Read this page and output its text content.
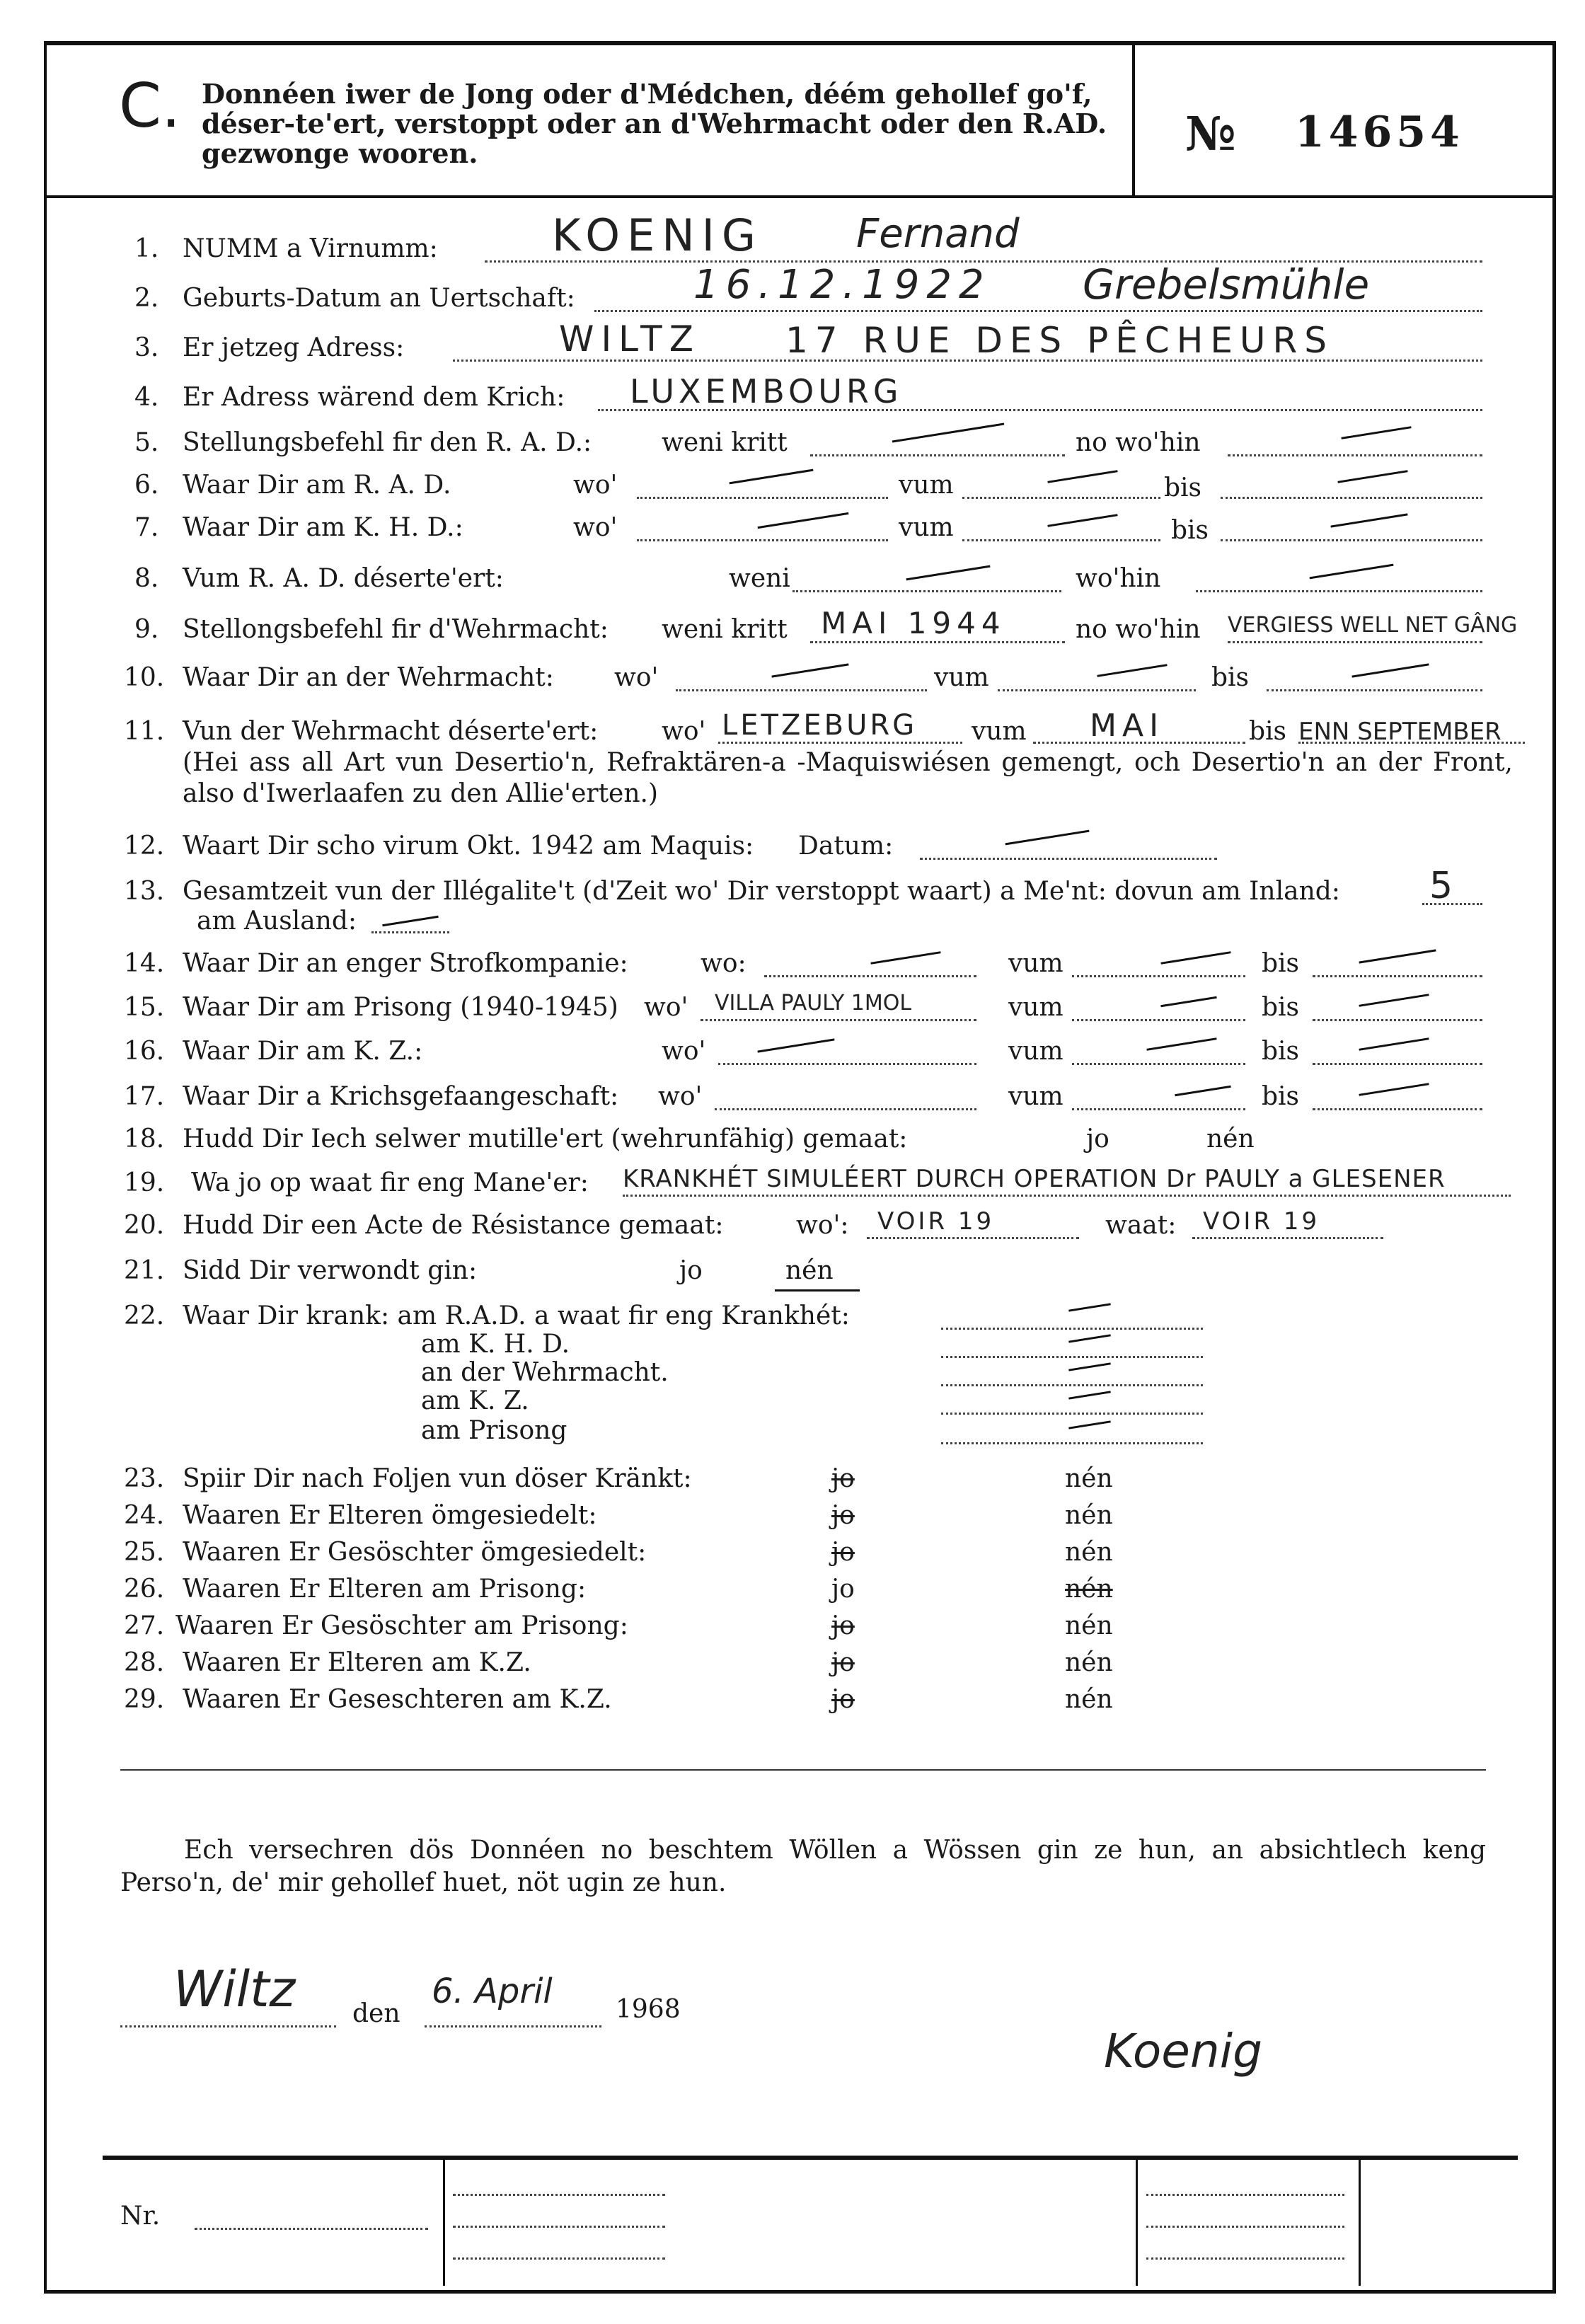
C. Donnéen iwer de Jong oder d'Médchen, déém gehollef go'f, déser-te'ert, verstoppt oder an d'Wehrmacht oder den R.AD. gezwonge wooren.	№ 14654
1. NUMM a Virnumm:	KOENIG Fernand
2. Geburts-Datum an Uertschaft:	16.12.1922 Grebelsmühle
3. Er jetzeg Adress:	WILTZ 17 RUE DES PÊCHEURS
4. Er Adress wärend dem Krich: LUXEMBOURG
5. Stellungsbefehl fir den R. A. D.:	weni kritt	no wo'hin
6. Waar Dir am R. A. D.	wo'	vum	bis
7. Waar Dir am K. H. D.:	wo'	vum	bis
8. Vum R. A. D. déserte'ert:	weni	wo'hin
9. Stellongsbefehl fir d'Wehrmacht: weni kritt MAI 1944	no wo'hin VERGIESS WELL NET GÂNG
10. Waar Dir an der Wehrmacht: wo'	vum	bis
11. Vun der Wehrmacht déserte'ert: wo' LETZEBURG vum MAI	bis ENN SEPTEMBER
(Hei ass all Art vun Desertio'n, Refraktären-a -Maquiswiésen gemengt, och Desertio'n an der Front, also d'Iwerlaafen zu den Allie'erten.)
12. Waart Dir scho virum Okt. 1942 am Maquis: Datum:
13. Gesamtzeit vun der Illégalite't (d'Zeit wo' Dir verstoppt waart) a Me'nt: dovun am Inland: 5
am Ausland:
14. Waar Dir an enger Strofkompanie:	wo:	vum	bis
15. Waar Dir am Prisong (1940-1945) wo' VILLA PAULY 1MOL	vum	bis
16. Waar Dir am K. Z.:	wo'	vum	bis
17. Waar Dir a Krichsgefaangeschaft: wo'	vum	bis
18. Hudd Dir Iech selwer mutille'ert (wehrunfähig) gemaat:	jo	nén
19. Wa jo op waat fir eng Mane'er: KRANKHÉT SIMULÉERT DURCH OPERATION Dr PAULY a GLESENER
20. Hudd Dir een Acte de Résistance gemaat:	wo': VOIR 19	waat: VOIR 19
21. Sidd Dir verwondt gin:	jo	nén
22. Waar Dir krank: am R.A.D. a waat fir eng Krankhét:
am K. H. D.
an der Wehrmacht.
am K. Z.
am Prisong
23. Spiir Dir nach Foljen vun döser Kränkt:	jo	nén
24. Waaren Er Elteren ömgesiedelt:	jo	nén
25. Waaren Er Gesöschter ömgesiedelt:	jo	nén
26. Waaren Er Elteren am Prisong:	jo	nén
27. Waaren Er Gesöschter am Prisong:	jo	nén
28. Waaren Er Elteren am K.Z.	jo	nén
29. Waaren Er Geseschteren am K.Z.	jo	nén
Ech versechren dös Donnéen no beschtem Wöllen a Wössen gin ze hun, an absichtlech keng Perso'n, de' mir gehollef huet, nöt ugin ze hun.
Wiltz den
6. April 1968
Koenig
Nr.
